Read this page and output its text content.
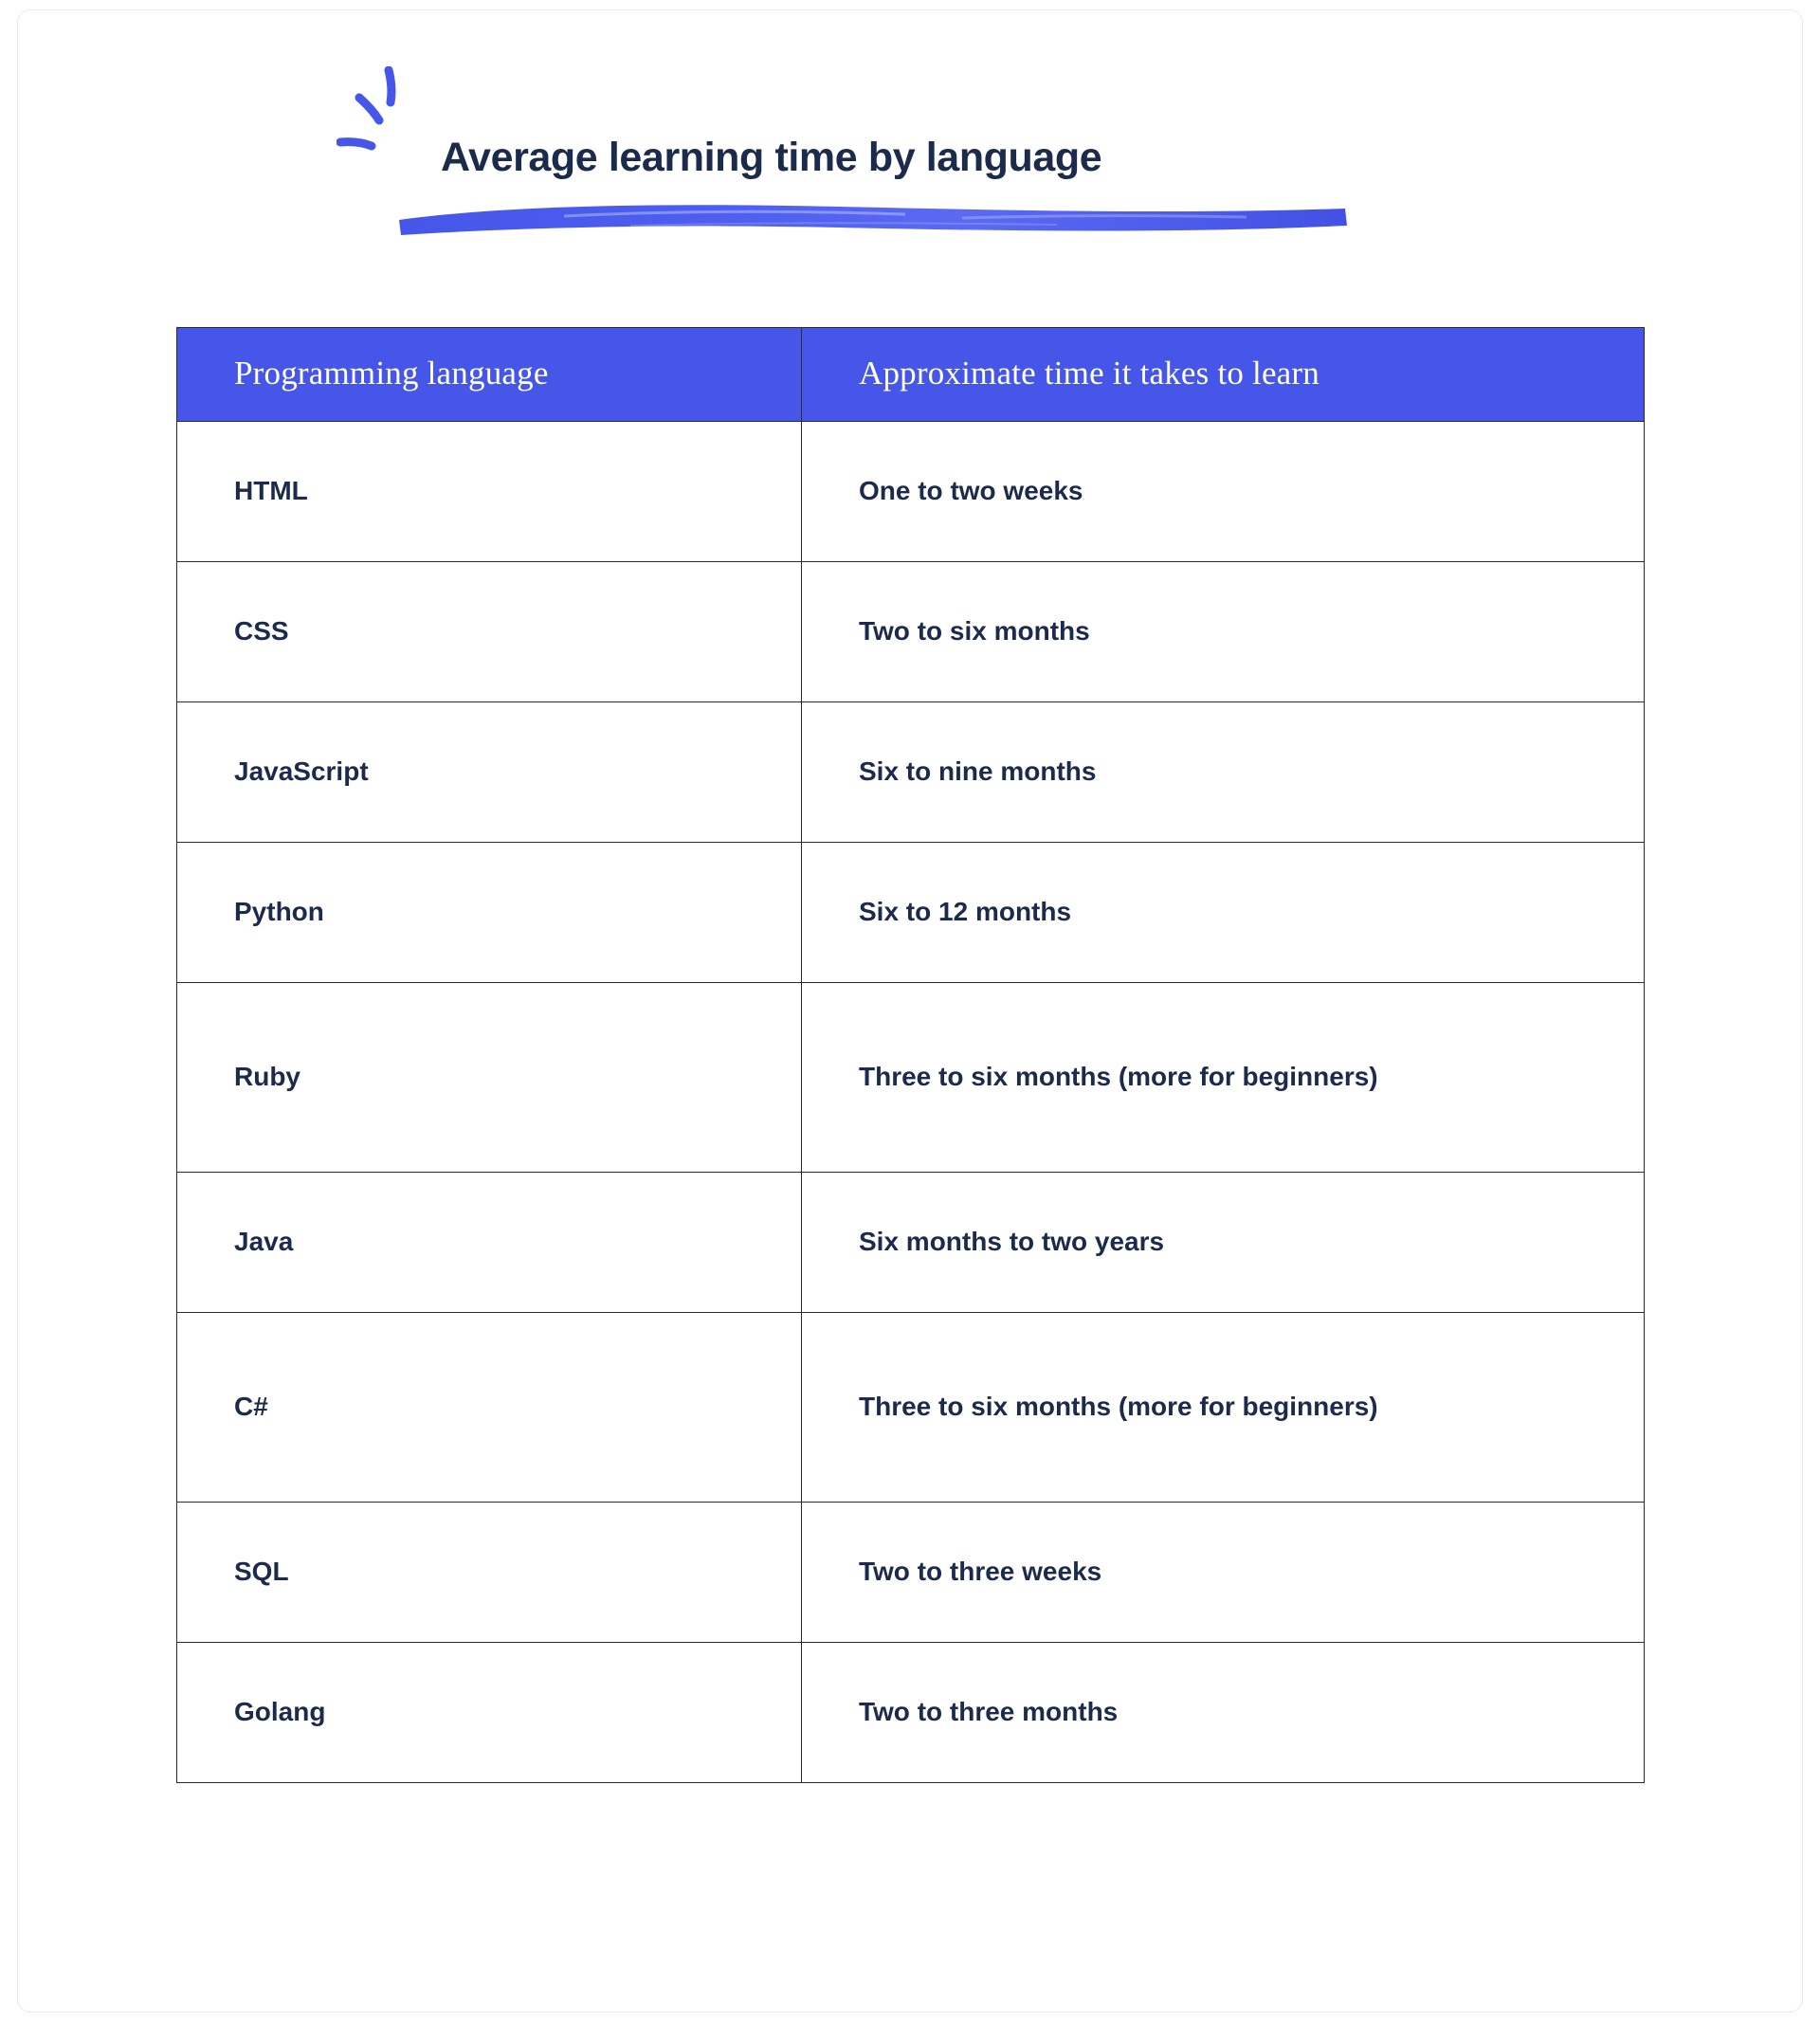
Average learning time by language
Programming language	Approximate time it takes to learn
HTML	One to two weeks
CSS	Two to six months
JavaScript	Six to nine months
Python	Six to 12 months
Ruby	Three to six months (more for beginners)
Java	Six months to two years
C#	Three to six months (more for beginners)
SQL	Two to three weeks
Golang	Two to three months
